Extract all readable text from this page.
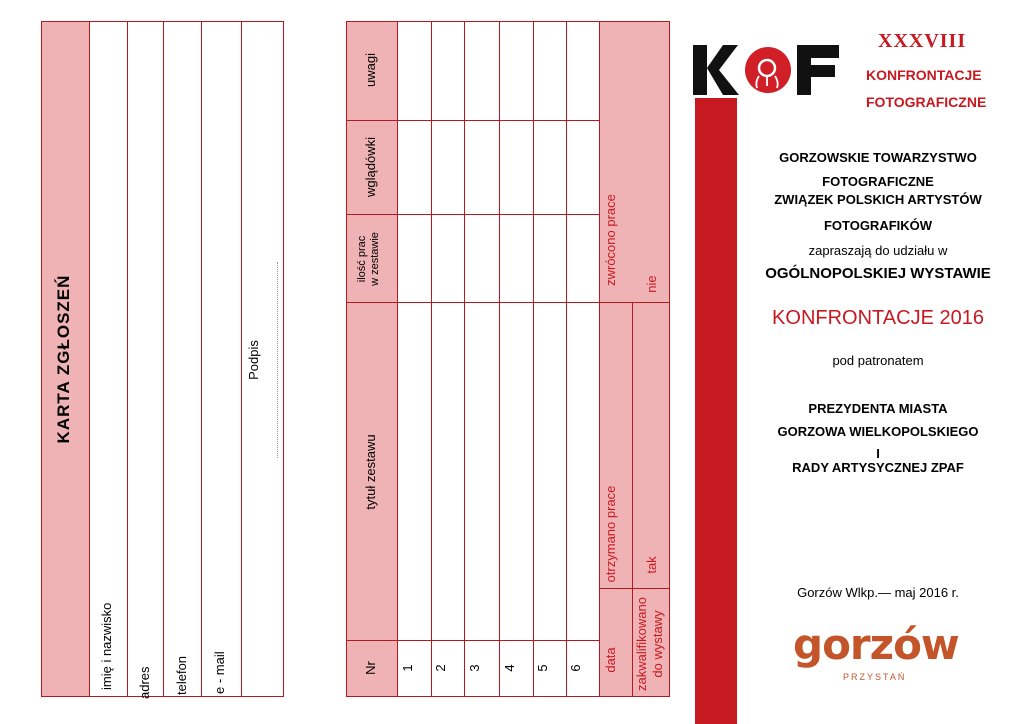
KARTA ZGŁOSZEŃ
imię i nazwisko adres telefon e - mail
Podpis
uwagi
wglądówki
ilość prac w zestawie
tytuł zestawu
Nr 1 2 3 4 5 6
zwrócono prace nie
otrzymano prace tak
data zakwalifikowano do wystawy
XXXVIII
KONFRONTACJE
FOTOGRAFICZNE
GORZOWSKIE TOWARZYSTWO
FOTOGRAFICZNE
ZWIĄZEK POLSKICH ARTYSTÓW
FOTOGRAFIKÓW
zapraszają do udziału w
OGÓLNOPOLSKIEJ WYSTAWIE
KONFRONTACJE 2016
pod patronatem
PREZYDENTA MIASTA
GORZOWA WIELKOPOLSKIEGO
I
RADY ARTYSYCZNEJ ZPAF
Gorzów Wlkp.— maj 2016 r.
gorzów
PRZYSTAŃ
